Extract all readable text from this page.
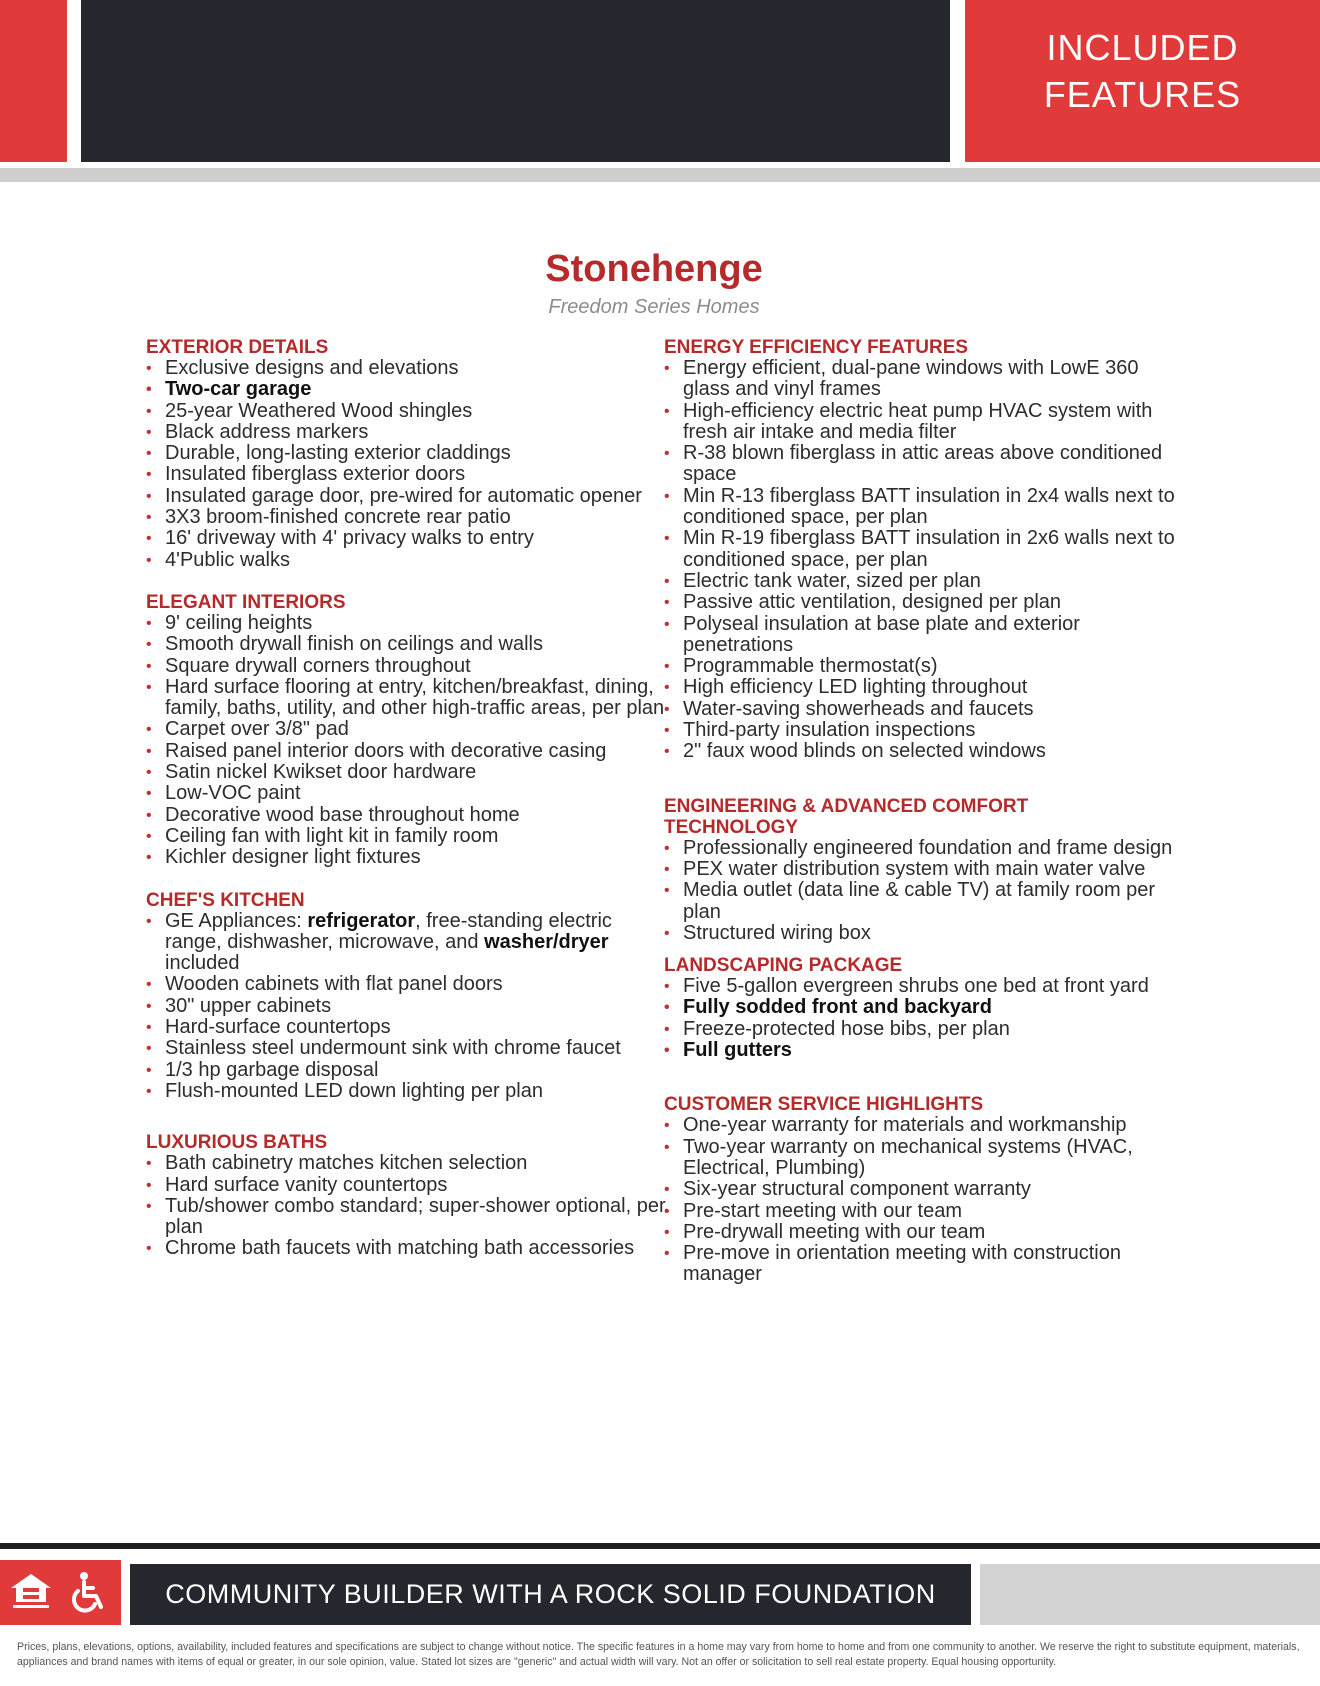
INCLUDED
FEATURES
Stonehenge
Freedom Series Homes
EXTERIOR DETAILS
• Exclusive designs and elevations
• Two-car garage
• 25-year Weathered Wood shingles
• Black address markers
• Durable, long-lasting exterior claddings
• Insulated fiberglass exterior doors
• Insulated garage door, pre-wired for automatic opener
• 3X3 broom-finished concrete rear patio
• 16' driveway with 4' privacy walks to entry
• 4'Public walks
ELEGANT INTERIORS
• 9' ceiling heights
• Smooth drywall finish on ceilings and walls
• Square drywall corners throughout
• Hard surface flooring at entry, kitchen/breakfast, dining, family, baths, utility, and other high-traffic areas, per plan
• Carpet over 3/8" pad
• Raised panel interior doors with decorative casing
• Satin nickel Kwikset door hardware
• Low-VOC paint
• Decorative wood base throughout home
• Ceiling fan with light kit in family room
• Kichler designer light fixtures
CHEF'S KITCHEN
• GE Appliances: refrigerator, free-standing electric range, dishwasher, microwave, and washer/dryer included
• Wooden cabinets with flat panel doors
• 30" upper cabinets
• Hard-surface countertops
• Stainless steel undermount sink with chrome faucet
• 1/3 hp garbage disposal
• Flush-mounted LED down lighting per plan
LUXURIOUS BATHS
• Bath cabinetry matches kitchen selection
• Hard surface vanity countertops
• Tub/shower combo standard; super-shower optional, per plan
• Chrome bath faucets with matching bath accessories
ENERGY EFFICIENCY FEATURES
• Energy efficient, dual-pane windows with LowE 360 glass and vinyl frames
• High-efficiency electric heat pump HVAC system with fresh air intake and media filter
• R-38 blown fiberglass in attic areas above conditioned space
• Min R-13 fiberglass BATT insulation in 2x4 walls next to conditioned space, per plan
• Min R-19 fiberglass BATT insulation in 2x6 walls next to conditioned space, per plan
• Electric tank water, sized per plan
• Passive attic ventilation, designed per plan
• Polyseal insulation at base plate and exterior penetrations
• Programmable thermostat(s)
• High efficiency LED lighting throughout
• Water-saving showerheads and faucets
• Third-party insulation inspections
• 2" faux wood blinds on selected windows
ENGINEERING & ADVANCED COMFORT
TECHNOLOGY
• Professionally engineered foundation and frame design
• PEX water distribution system with main water valve
• Media outlet (data line & cable TV) at family room per plan
• Structured wiring box
LANDSCAPING PACKAGE
• Five 5-gallon evergreen shrubs one bed at front yard
• Fully sodded front and backyard
• Freeze-protected hose bibs, per plan
• Full gutters
CUSTOMER SERVICE HIGHLIGHTS
• One-year warranty for materials and workmanship
• Two-year warranty on mechanical systems (HVAC, Electrical, Plumbing)
• Six-year structural component warranty
• Pre-start meeting with our team
• Pre-drywall meeting with our team
• Pre-move in orientation meeting with construction manager
COMMUNITY BUILDER WITH A ROCK SOLID FOUNDATION
Prices, plans, elevations, options, availability, included features and specifications are subject to change without notice. The specific features in a home may vary from home to home and from one community to another. We reserve the right to substitute equipment, materials, appliances and brand names with items of equal or greater, in our sole opinion, value. Stated lot sizes are "generic" and actual width will vary. Not an offer or solicitation to sell real estate property. Equal housing opportunity.
